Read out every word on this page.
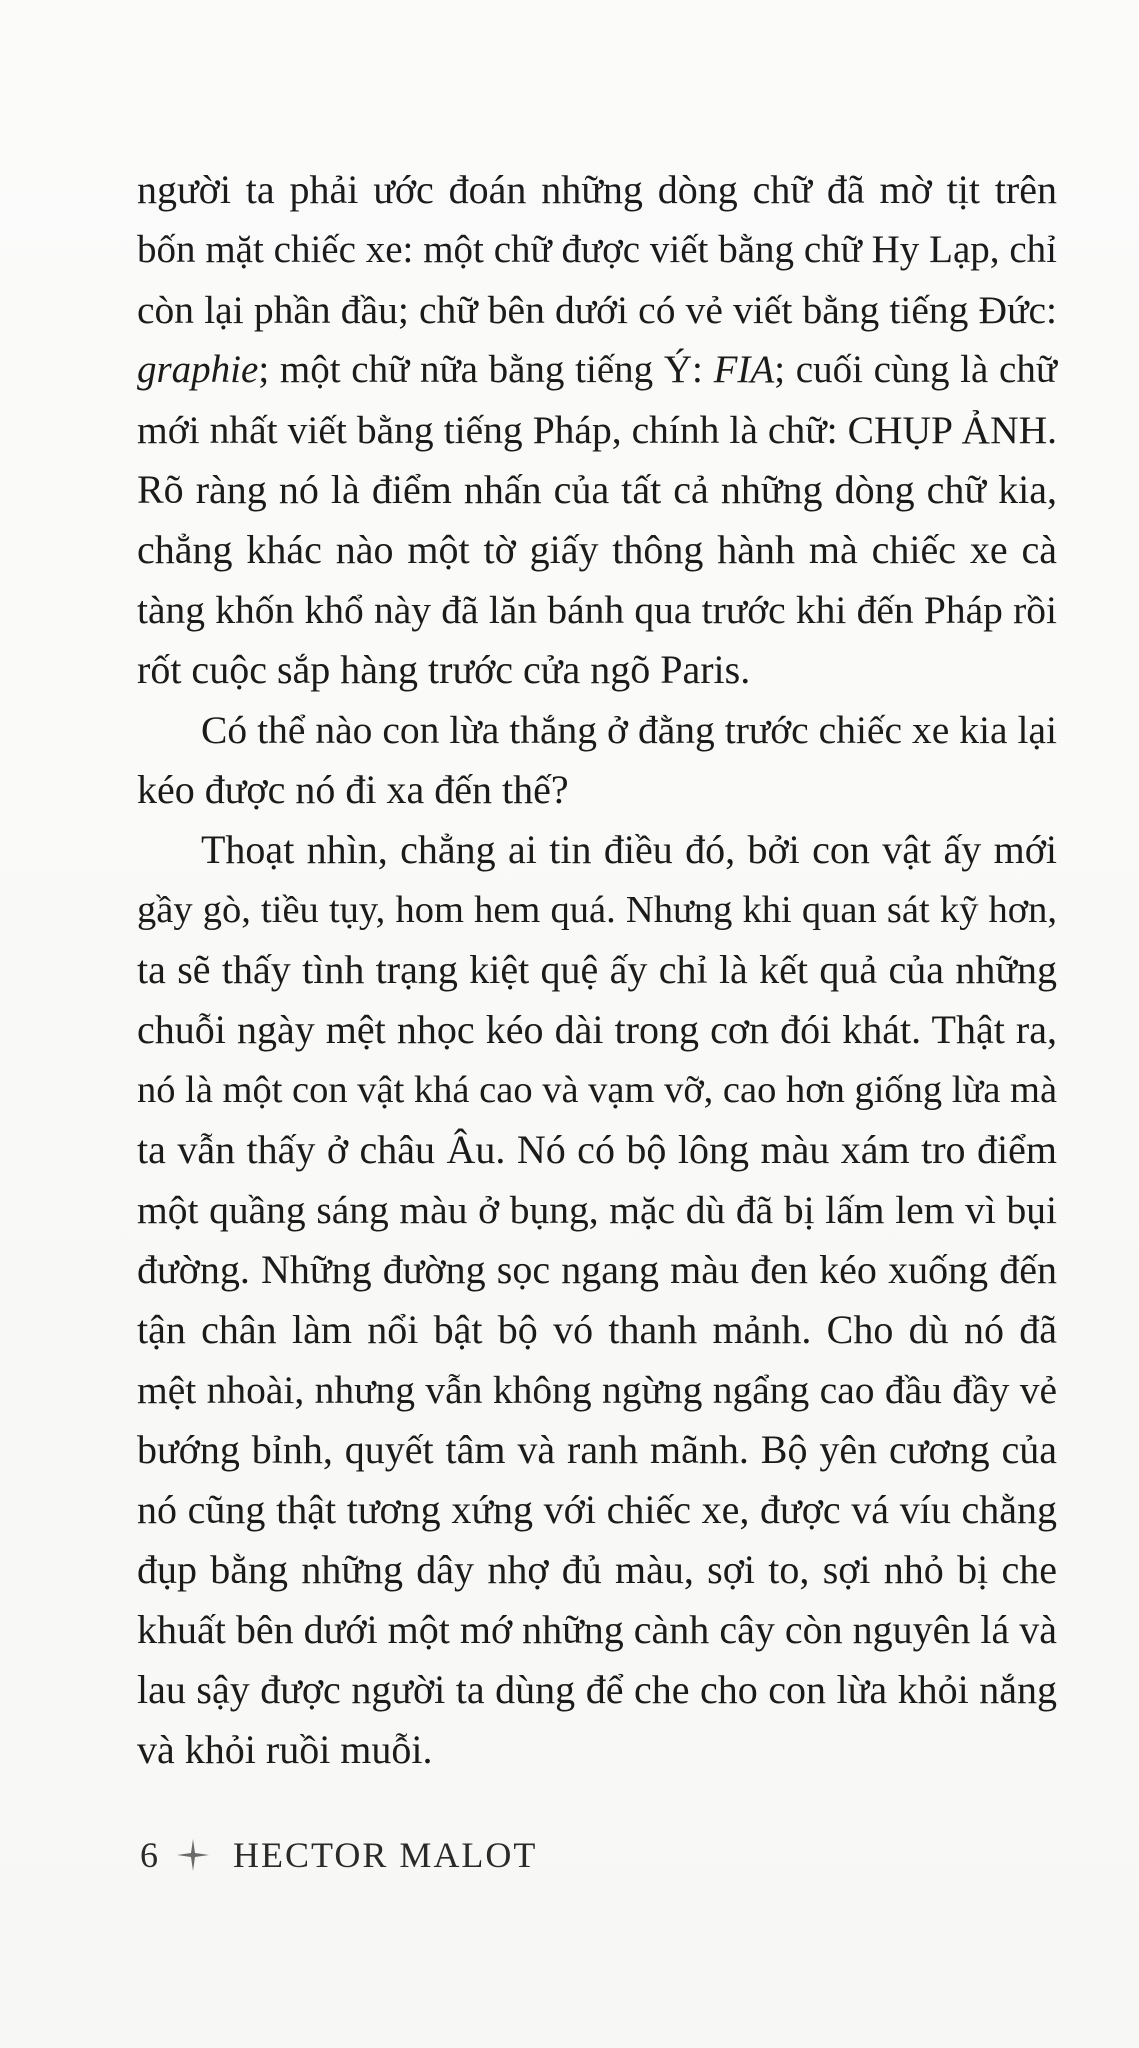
người ta phải ước đoán những dòng chữ đã mờ tịt trên
bốn mặt chiếc xe: một chữ được viết bằng chữ Hy Lạp, chỉ
còn lại phần đầu; chữ bên dưới có vẻ viết bằng tiếng Đức:
graphie; một chữ nữa bằng tiếng Ý: FIA; cuối cùng là chữ
mới nhất viết bằng tiếng Pháp, chính là chữ: CHỤP ẢNH.
Rõ ràng nó là điểm nhấn của tất cả những dòng chữ kia,
chẳng khác nào một tờ giấy thông hành mà chiếc xe cà
tàng khốn khổ này đã lăn bánh qua trước khi đến Pháp rồi
rốt cuộc sắp hàng trước cửa ngõ Paris.
Có thể nào con lừa thắng ở đằng trước chiếc xe kia lại
kéo được nó đi xa đến thế?
Thoạt nhìn, chẳng ai tin điều đó, bởi con vật ấy mới
gầy gò, tiều tụy, hom hem quá. Nhưng khi quan sát kỹ hơn,
ta sẽ thấy tình trạng kiệt quệ ấy chỉ là kết quả của những
chuỗi ngày mệt nhọc kéo dài trong cơn đói khát. Thật ra,
nó là một con vật khá cao và vạm vỡ, cao hơn giống lừa mà
ta vẫn thấy ở châu Âu. Nó có bộ lông màu xám tro điểm
một quầng sáng màu ở bụng, mặc dù đã bị lấm lem vì bụi
đường. Những đường sọc ngang màu đen kéo xuống đến
tận chân làm nổi bật bộ vó thanh mảnh. Cho dù nó đã
mệt nhoài, nhưng vẫn không ngừng ngẩng cao đầu đầy vẻ
bướng bỉnh, quyết tâm và ranh mãnh. Bộ yên cương của
nó cũng thật tương xứng với chiếc xe, được vá víu chằng
đụp bằng những dây nhợ đủ màu, sợi to, sợi nhỏ bị che
khuất bên dưới một mớ những cành cây còn nguyên lá và
lau sậy được người ta dùng để che cho con lừa khỏi nắng
và khỏi ruồi muỗi.
6 HECTOR MALOT
